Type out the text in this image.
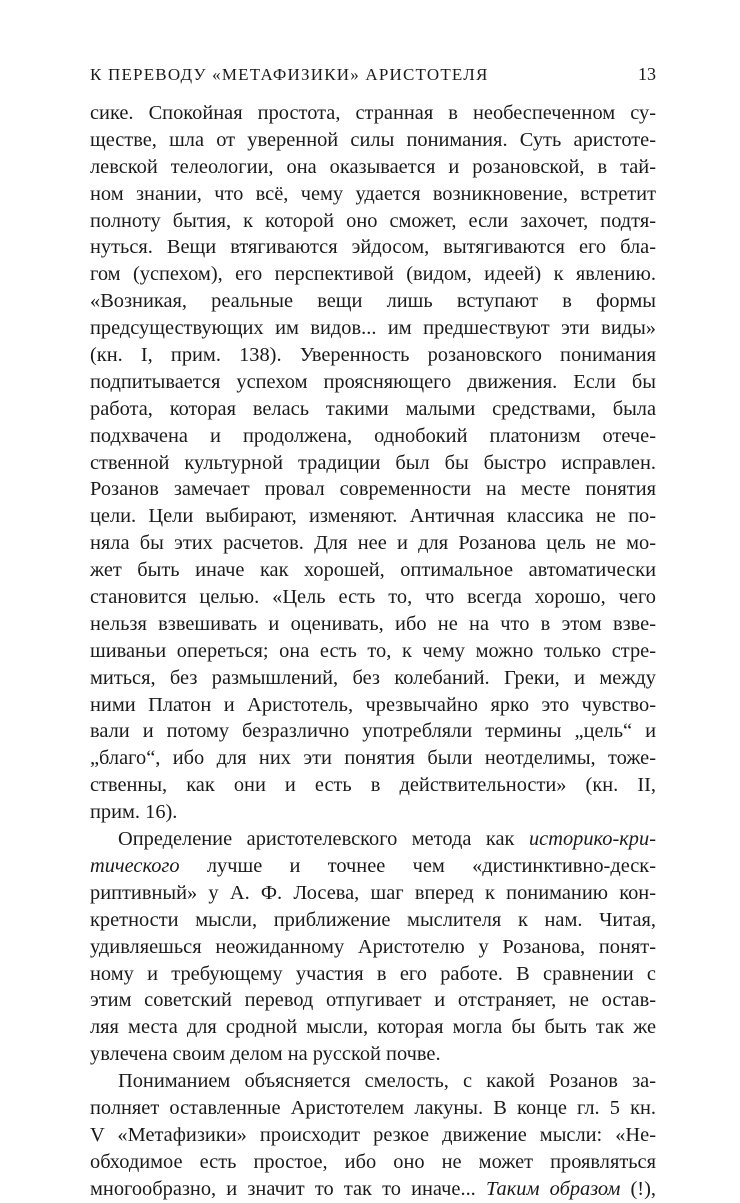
К ПЕРЕВОДУ «МЕТАФИЗИКИ» АРИСТОТЕЛЯ	13
сике. Спокойная простота, странная в необеспеченном су-
ществе, шла от уверенной силы понимания. Суть аристоте-
левской телеологии, она оказывается и розановской, в тай-
ном знании, что всё, чему удается возникновение, встретит
полноту бытия, к которой оно сможет, если захочет, подтя-
нуться. Вещи втягиваются эйдосом, вытягиваются его бла-
гом (успехом), его перспективой (видом, идеей) к явлению.
«Возникая, реальные вещи лишь вступают в формы
предсуществующих им видов... им предшествуют эти виды»
(кн. I, прим. 138). Уверенность розановского понимания
подпитывается успехом проясняющего движения. Если бы
работа, которая велась такими малыми средствами, была
подхвачена и продолжена, однобокий платонизм отече-
ственной культурной традиции был бы быстро исправлен.
Розанов замечает провал современности на месте понятия
цели. Цели выбирают, изменяют. Античная классика не по-
няла бы этих расчетов. Для нее и для Розанова цель не мо-
жет быть иначе как хорошей, оптимальное автоматически
становится целью. «Цель есть то, что всегда хорошо, чего
нельзя взвешивать и оценивать, ибо не на что в этом взве-
шиваньи опереться; она есть то, к чему можно только стре-
миться, без размышлений, без колебаний. Греки, и между
ними Платон и Аристотель, чрезвычайно ярко это чувство-
вали и потому безразлично употребляли термины „цель“ и
„благо“, ибо для них эти понятия были неотделимы, тоже-
ственны, как они и есть в действительности» (кн. II,
прим. 16).
Определение аристотелевского метода как историко-кри-
тического лучше и точнее чем «дистинктивно-деск-
риптивный» у А. Ф. Лосева, шаг вперед к пониманию кон-
кретности мысли, приближение мыслителя к нам. Читая,
удивляешься неожиданному Аристотелю у Розанова, понят-
ному и требующему участия в его работе. В сравнении с
этим советский перевод отпугивает и отстраняет, не остав-
ляя места для сродной мысли, которая могла бы быть так же
увлечена своим делом на русской почве.
Пониманием объясняется смелость, с какой Розанов за-
полняет оставленные Аристотелем лакуны. В конце гл. 5 кн.
V «Метафизики» происходит резкое движение мысли: «Не-
обходимое есть простое, ибо оно не может проявляться
многообразно, и значит то так то иначе... Таким образом (!),
